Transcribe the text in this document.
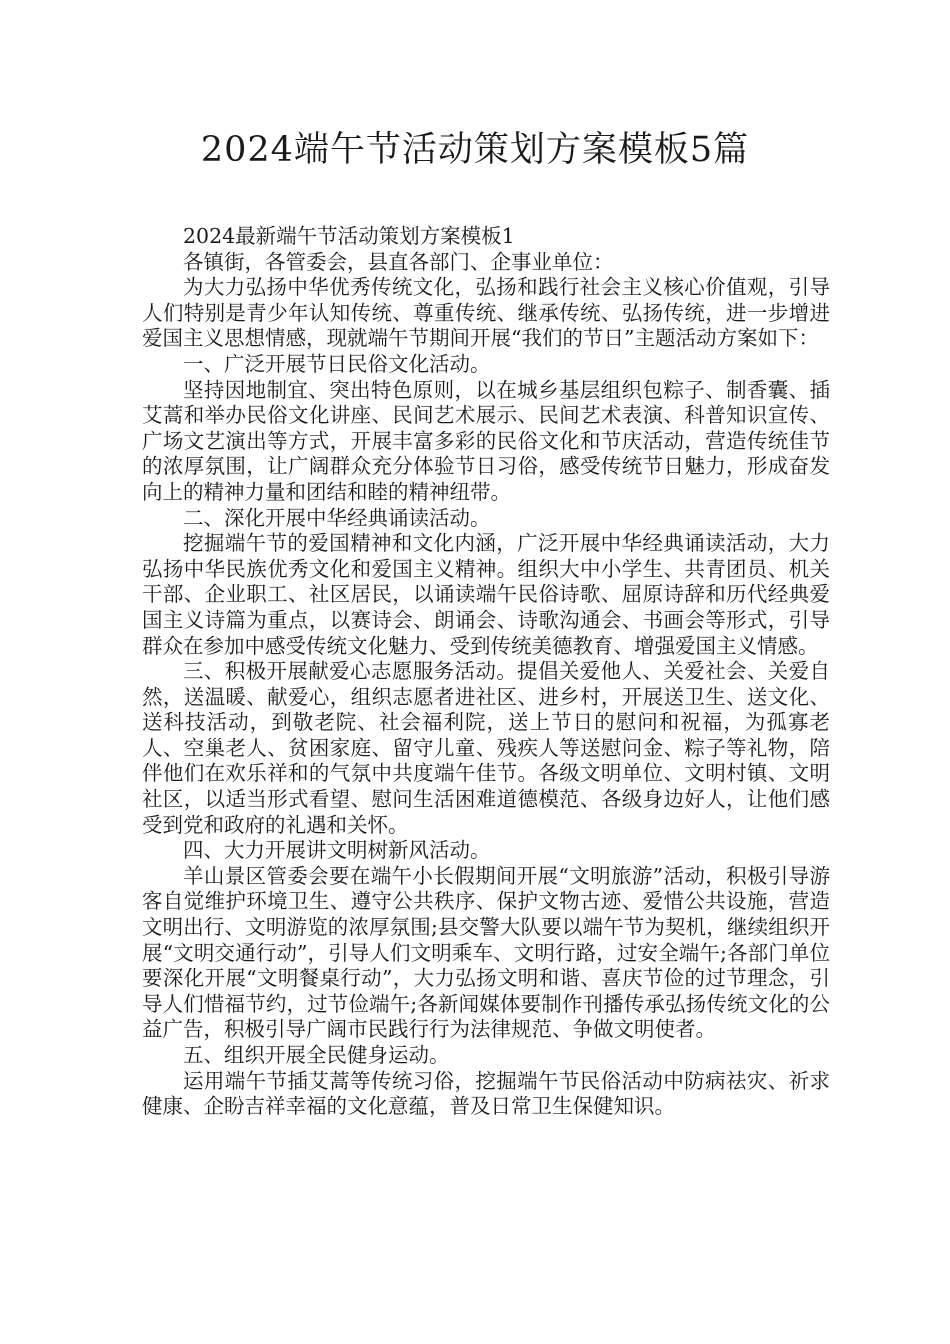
2024端午节活动策划方案模板5篇

2024最新端午节活动策划方案模板1

各镇街，各管委会，县直各部门、企事业单位：

为大力弘扬中华优秀传统文化，弘扬和践行社会主义核心价值观，引导人们特别是青少年认知传统、尊重传统、继承传统、弘扬传统，进一步增进爱国主义思想情感，现就端午节期间开展“我们的节日”主题活动方案如下：

一、广泛开展节日民俗文化活动。

坚持因地制宜、突出特色原则，以在城乡基层组织包粽子、制香囊、插艾蒿和举办民俗文化讲座、民间艺术展示、民间艺术表演、科普知识宣传、广场文艺演出等方式，开展丰富多彩的民俗文化和节庆活动，营造传统佳节的浓厚氛围，让广阔群众充分体验节日习俗，感受传统节日魅力，形成奋发向上的精神力量和团结和睦的精神纽带。

二、深化开展中华经典诵读活动。

挖掘端午节的爱国精神和文化内涵，广泛开展中华经典诵读活动，大力弘扬中华民族优秀文化和爱国主义精神。组织大中小学生、共青团员、机关干部、企业职工、社区居民，以诵读端午民俗诗歌、屈原诗辞和历代经典爱国主义诗篇为重点，以赛诗会、朗诵会、诗歌沟通会、书画会等形式，引导群众在参加中感受传统文化魅力、受到传统美德教育、增强爱国主义情感。

三、积极开展献爱心志愿服务活动。提倡关爱他人、关爱社会、关爱自然，送温暖、献爱心，组织志愿者进社区、进乡村，开展送卫生、送文化、送科技活动，到敬老院、社会福利院，送上节日的慰问和祝福，为孤寡老人、空巢老人、贫困家庭、留守儿童、残疾人等送慰问金、粽子等礼物，陪伴他们在欢乐祥和的气氛中共度端午佳节。各级文明单位、文明村镇、文明社区，以适当形式看望、慰问生活困难道德模范、各级身边好人，让他们感受到党和政府的礼遇和关怀。

四、大力开展讲文明树新风活动。

羊山景区管委会要在端午小长假期间开展“文明旅游”活动，积极引导游客自觉维护环境卫生、遵守公共秩序、保护文物古迹、爱惜公共设施，营造文明出行、文明游览的浓厚氛围;县交警大队要以端午节为契机，继续组织开展“文明交通行动”，引导人们文明乘车、文明行路，过安全端午;各部门单位要深化开展“文明餐桌行动”，大力弘扬文明和谐、喜庆节俭的过节理念，引导人们惜福节约，过节俭端午;各新闻媒体要制作刊播传承弘扬传统文化的公益广告，积极引导广阔市民践行行为法律规范、争做文明使者。

五、组织开展全民健身运动。

运用端午节插艾蒿等传统习俗，挖掘端午节民俗活动中防病祛灾、祈求健康、企盼吉祥幸福的文化意蕴，普及日常卫生保健知识。
